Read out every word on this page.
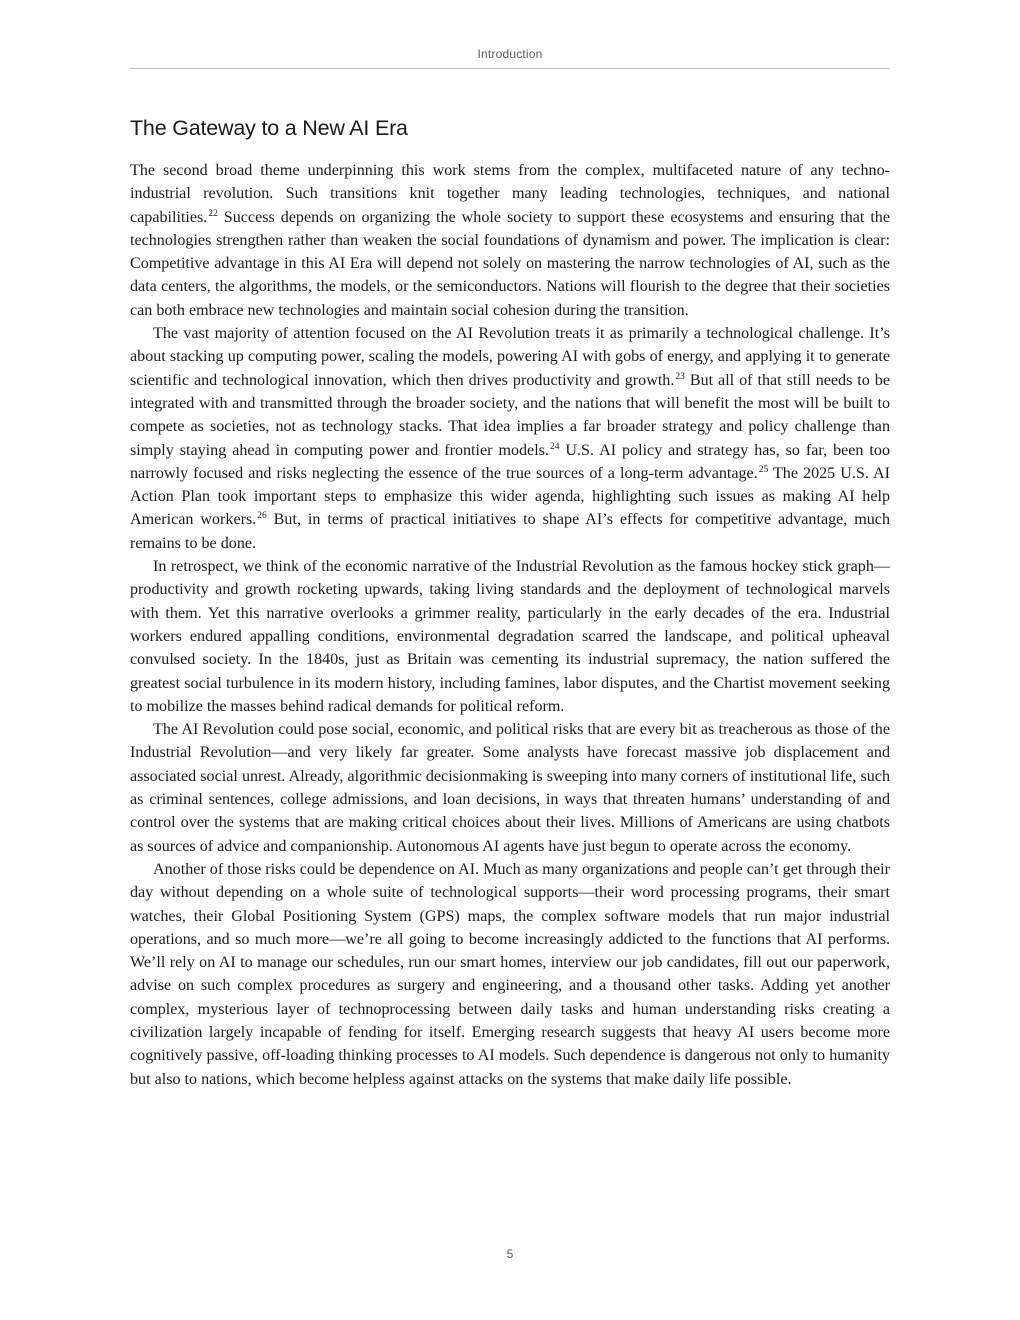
Introduction
The Gateway to a New AI Era

The second broad theme underpinning this work stems from the complex, multifaceted nature of any techno-industrial revolution. Such transitions knit together many leading technologies, techniques, and national capabilities.$^{22}$ Success depends on organizing the whole society to support these ecosystems and ensuring that the technologies strengthen rather than weaken the social foundations of dynamism and power. The implication is clear: Competitive advantage in this AI Era will depend not solely on mastering the narrow technologies of AI, such as the data centers, the algorithms, the models, or the semiconductors. Nations will flourish to the degree that their societies can both embrace new technologies and maintain social cohesion during the transition.

The vast majority of attention focused on the AI Revolution treats it as primarily a technological challenge. It’s about stacking up computing power, scaling the models, powering AI with gobs of energy, and applying it to generate scientific and technological innovation, which then drives productivity and growth.$^{23}$ But all of that still needs to be integrated with and transmitted through the broader society, and the nations that will benefit the most will be built to compete as societies, not as technology stacks. That idea implies a far broader strategy and policy challenge than simply staying ahead in computing power and frontier models.$^{24}$ U.S. AI policy and strategy has, so far, been too narrowly focused and risks neglecting the essence of the true sources of a long-term advantage.$^{25}$ The 2025 U.S. AI Action Plan took important steps to emphasize this wider agenda, highlighting such issues as making AI help American workers.$^{26}$ But, in terms of practical initiatives to shape AI’s effects for competitive advantage, much remains to be done.

In retrospect, we think of the economic narrative of the Industrial Revolution as the famous hockey stick graph—productivity and growth rocketing upwards, taking living standards and the deployment of technological marvels with them. Yet this narrative overlooks a grimmer reality, particularly in the early decades of the era. Industrial workers endured appalling conditions, environmental degradation scarred the landscape, and political upheaval convulsed society. In the 1840s, just as Britain was cementing its industrial supremacy, the nation suffered the greatest social turbulence in its modern history, including famines, labor disputes, and the Chartist movement seeking to mobilize the masses behind radical demands for political reform.

The AI Revolution could pose social, economic, and political risks that are every bit as treacherous as those of the Industrial Revolution—and very likely far greater. Some analysts have forecast massive job displacement and associated social unrest. Already, algorithmic decisionmaking is sweeping into many corners of institutional life, such as criminal sentences, college admissions, and loan decisions, in ways that threaten humans’ understanding of and control over the systems that are making critical choices about their lives. Millions of Americans are using chatbots as sources of advice and companionship. Autonomous AI agents have just begun to operate across the economy.

Another of those risks could be dependence on AI. Much as many organizations and people can’t get through their day without depending on a whole suite of technological supports—their word processing programs, their smart watches, their Global Positioning System (GPS) maps, the complex software models that run major industrial operations, and so much more—we’re all going to become increasingly addicted to the functions that AI performs. We’ll rely on AI to manage our schedules, run our smart homes, interview our job candidates, fill out our paperwork, advise on such complex procedures as surgery and engineering, and a thousand other tasks. Adding yet another complex, mysterious layer of technoprocessing between daily tasks and human understanding risks creating a civilization largely incapable of fending for itself. Emerging research suggests that heavy AI users become more cognitively passive, off-loading thinking processes to AI models. Such dependence is dangerous not only to humanity but also to nations, which become helpless against attacks on the systems that make daily life possible.

5
